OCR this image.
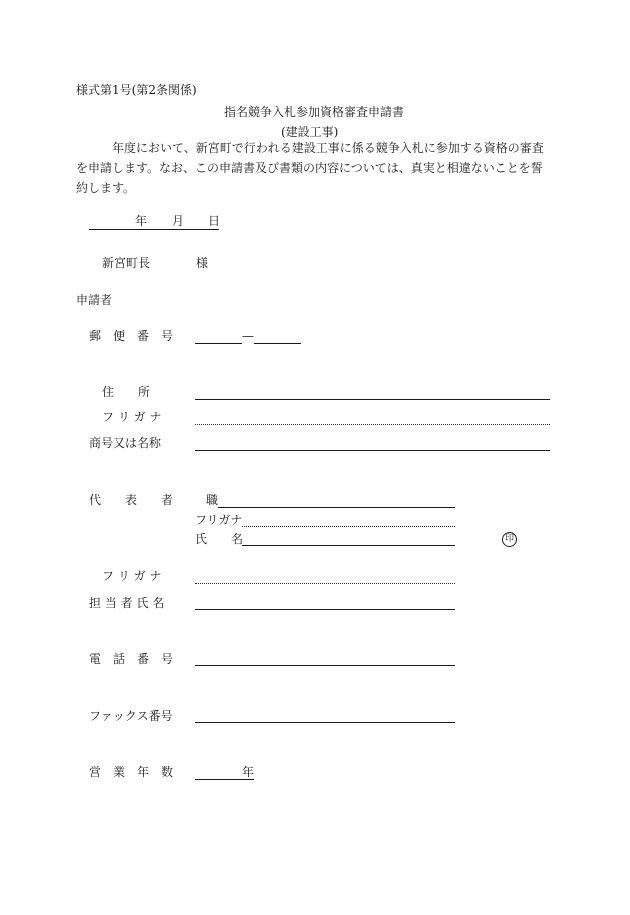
様式第1号(第2条関係)
指名競争入札参加資格審査申請書
(建設工事)
　　　年度において、新宮町で行われる建設工事に係る競争入札に参加する資格の審査を申請します。なお、この申請書及び書類の内容については、真実と相違ないことを誓約します。
年 月 日
新宮町長	様
申請者
郵　便　番　号	—
住　　所
フ リ ガ ナ
商号又は名称
代　　表　　者	職
フリガナ
氏　　名	印
フ リ ガ ナ
担 当 者 氏 名
電　話　番　号
ファックス番号
営　業　年　数	年
